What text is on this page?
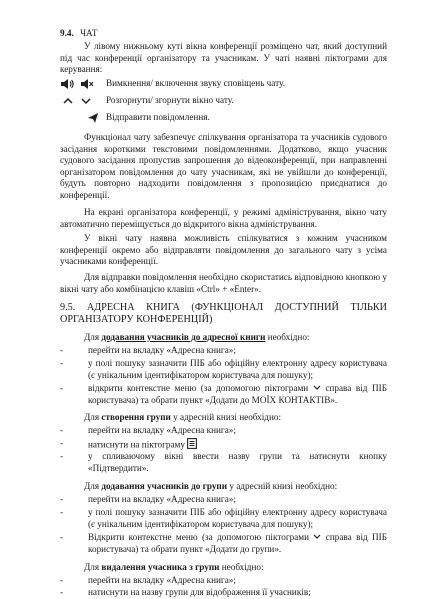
9.4. ЧАТ

У лівому нижньому куті вікна конференції розміщено чат, який доступний під час конференції організатору та учасникам. У чаті наявні піктограми для керування:

Вимкнення/ включення звуку сповіщень чату.
Розгорнути/ згорнути вікно чату.
Відправити повідомлення.

Функціонал чату забезпечує спілкування організатора та учасників судового засідання короткими текстовими повідомленнями. Додатково, якщо учасник судового засідання пропустив запрошення до відеоконференції, при направленні організатором повідомлення до чату учасникам, які не увійшли до конференції, будуть повторно надходити повідомлення з пропозицією приєднатися до конференції.

На екрані організатора конференції, у режимі адміністрування, вікно чату автоматично переміщується до відкритого вікна адміністрування.

У вікні чату наявна можливість спілкуватися з кожним учасником конференції окремо або відправляти повідомлення до загального чату з усіма учасниками конференції.

Для відправки повідомлення необхідно скористатись відповідною кнопкою у вікні чату або комбінацією клавіш «Ctrl» + «Enter».

9.5. АДРЕСНА КНИГА (ФУНКЦІОНАЛ ДОСТУПНИЙ ТІЛЬКИ
ОРГАНІЗАТОРУ КОНФЕРЕНЦІЙ)

Для додавання учасників до адресної книги необхідно:

-	перейти на вкладку «Адресна книга»;
-	у полі пошуку зазначити ПІБ або офіційну електронну адресу користувача (є унікальним ідентифікатором користувача для пошуку);
-	відкрити контекстне меню (за допомогою піктограми справа від ПІБ користувача) та обрати пункт «Додати до МОЇХ КОНТАКТІВ».

Для створення групи у адресній книзі необхідно:

-	перейти на вкладку «Адресна книга»;
-	натиснути на піктограму
-	у спливаючому вікні ввести назву групи та натиснути кнопку «Підтвердити».

Для додавання учасників до групи у адресній книзі необхідно:

-	перейти на вкладку «Адресна книга»;
-	у полі пошуку зазначити ПІБ або офіційну електронну адресу користувача (є унікальним ідентифікатором користувача для пошуку);
-	Відкрити контекстне меню (за допомогою піктограми справа від ПІБ користувача) та обрати пункт «Додати до групи».

Для видалення учасника з групи необхідно:

-	перейти на вкладку «Адресна книга»;
-	натиснути на назву групи для відображення її учасників;
